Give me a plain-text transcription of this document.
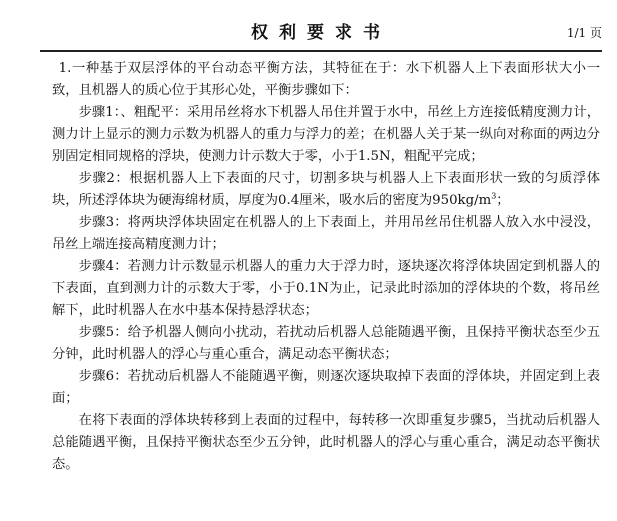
权利要求书	1/1 页

1.一种基于双层浮体的平台动态平衡方法，其特征在于：水下机器人上下表面形状大小一致，且机器人的质心位于其形心处，平衡步骤如下：

步骤1：、粗配平：采用吊丝将水下机器人吊住并置于水中，吊丝上方连接低精度测力计，测力计上显示的测力示数为机器人的重力与浮力的差；在机器人关于某一纵向对称面的两边分别固定相同规格的浮块，使测力计示数大于零，小于1.5N，粗配平完成；

步骤2：根据机器人上下表面的尺寸，切割多块与机器人上下表面形状一致的匀质浮体块，所述浮体块为硬海绵材质，厚度为0.4厘米，吸水后的密度为$950kg/m^3$；

步骤3：将两块浮体块固定在机器人的上下表面上，并用吊丝吊住机器人放入水中浸没，吊丝上端连接高精度测力计；

步骤4：若测力计示数显示机器人的重力大于浮力时，逐块逐次将浮体块固定到机器人的下表面，直到测力计的示数大于零，小于0.1N为止，记录此时添加的浮体块的个数，将吊丝解下，此时机器人在水中基本保持悬浮状态；

步骤5：给予机器人侧向小扰动，若扰动后机器人总能随遇平衡，且保持平衡状态至少五分钟，此时机器人的浮心与重心重合，满足动态平衡状态；

步骤6：若扰动后机器人不能随遇平衡，则逐次逐块取掉下表面的浮体块，并固定到上表面；

在将下表面的浮体块转移到上表面的过程中，每转移一次即重复步骤5，当扰动后机器人总能随遇平衡，且保持平衡状态至少五分钟，此时机器人的浮心与重心重合，满足动态平衡状态。
